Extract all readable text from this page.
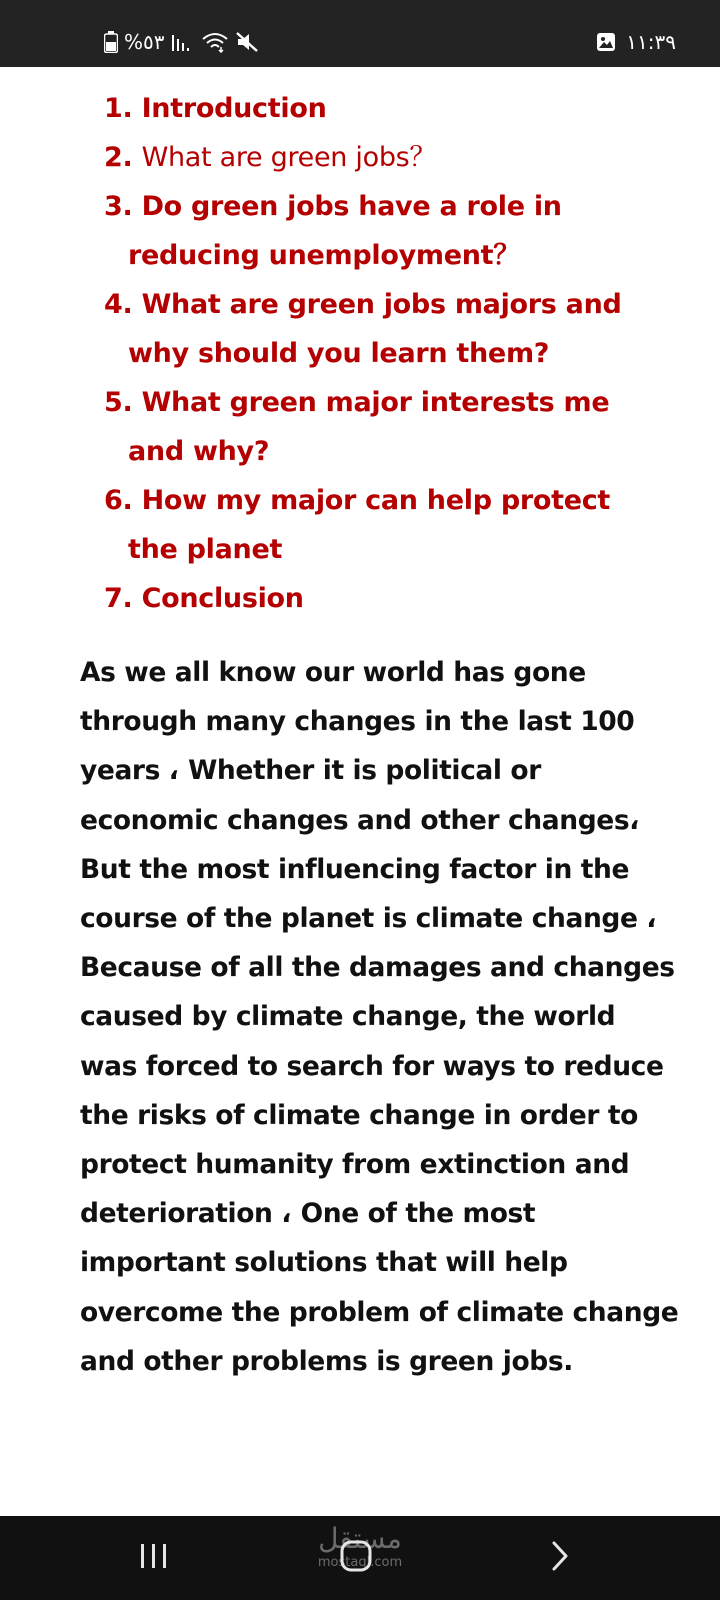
%٥٣	١١:٣٩
1. Introduction
2. What are green jobs？
3. Do green jobs have a role in reducing unemployment？
4. What are green jobs majors and why should you learn them?
5. What green major interests me and why?
6. How my major can help protect the planet
7. Conclusion

As we all know our world has gone through many changes in the last 100 years ، Whether it is political or economic changes and other changes، But the most influencing factor in the course of the planet is climate change ، Because of all the damages and changes caused by climate change, the world was forced to search for ways to reduce the risks of climate change in order to protect humanity from extinction and deterioration ، One of the most important solutions that will help overcome the problem of climate change and other problems is green jobs.

مستقل
mostaql.com
